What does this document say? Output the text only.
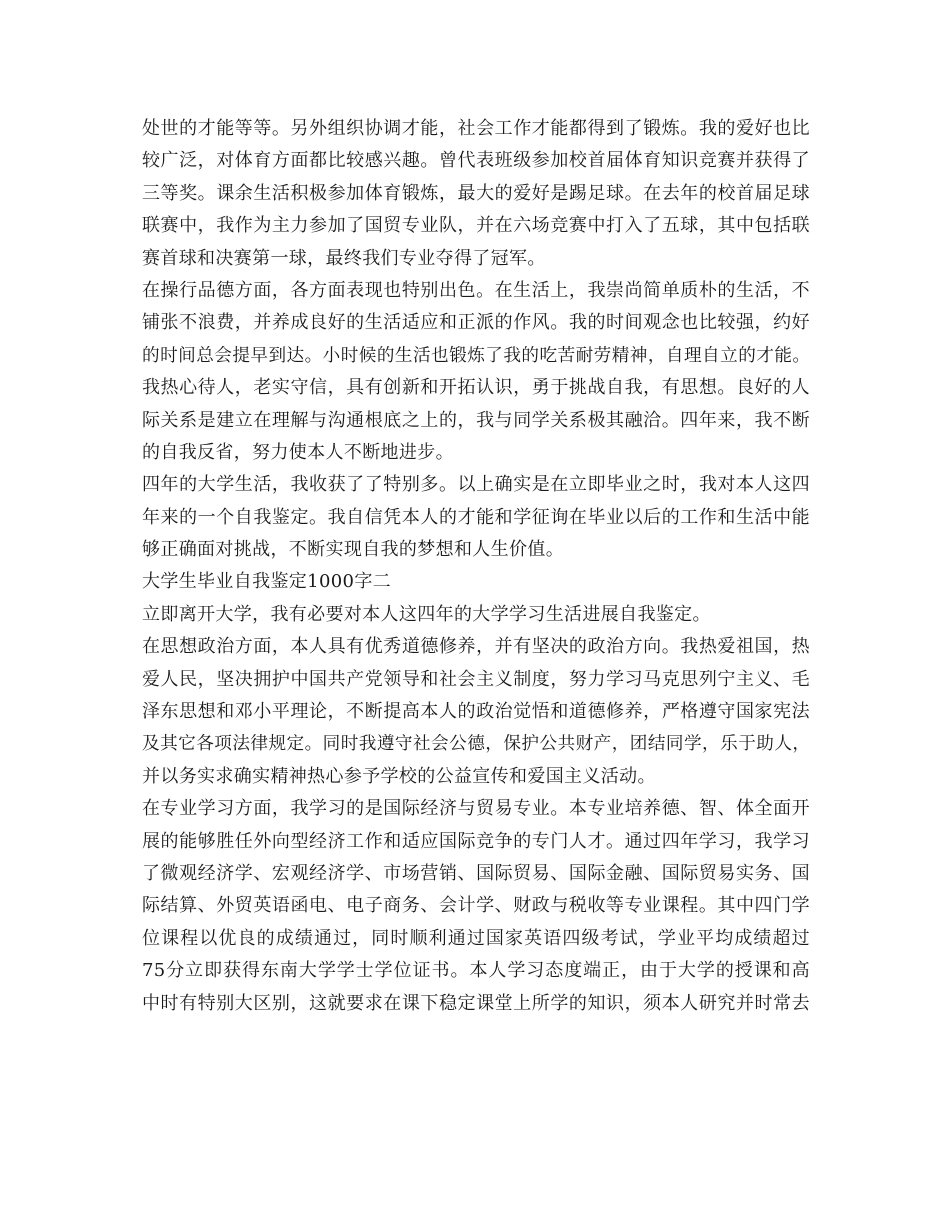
处世的才能等等。另外组织协调才能，社会工作才能都得到了锻炼。我的爱好也比
较广泛，对体育方面都比较感兴趣。曾代表班级参加校首届体育知识竞赛并获得了
三等奖。课余生活积极参加体育锻炼，最大的爱好是踢足球。在去年的校首届足球
联赛中，我作为主力参加了国贸专业队，并在六场竞赛中打入了五球，其中包括联
赛首球和决赛第一球，最终我们专业夺得了冠军。
在操行品德方面，各方面表现也特别出色。在生活上，我崇尚简单质朴的生活，不
铺张不浪费，并养成良好的生活适应和正派的作风。我的时间观念也比较强，约好
的时间总会提早到达。小时候的生活也锻炼了我的吃苦耐劳精神，自理自立的才能。
我热心待人，老实守信，具有创新和开拓认识，勇于挑战自我，有思想。良好的人
际关系是建立在理解与沟通根底之上的，我与同学关系极其融洽。四年来，我不断
的自我反省，努力使本人不断地进步。
四年的大学生活，我收获了了特别多。以上确实是在立即毕业之时，我对本人这四
年来的一个自我鉴定。我自信凭本人的才能和学征询在毕业以后的工作和生活中能
够正确面对挑战，不断实现自我的梦想和人生价值。
大学生毕业自我鉴定1000字二
立即离开大学，我有必要对本人这四年的大学学习生活进展自我鉴定。
在思想政治方面，本人具有优秀道德修养，并有坚决的政治方向。我热爱祖国，热
爱人民，坚决拥护中国共产党领导和社会主义制度，努力学习马克思列宁主义、毛
泽东思想和邓小平理论，不断提高本人的政治觉悟和道德修养，严格遵守国家宪法
及其它各项法律规定。同时我遵守社会公德，保护公共财产，团结同学，乐于助人，
并以务实求确实精神热心参予学校的公益宣传和爱国主义活动。
在专业学习方面，我学习的是国际经济与贸易专业。本专业培养德、智、体全面开
展的能够胜任外向型经济工作和适应国际竞争的专门人才。通过四年学习，我学习
了微观经济学、宏观经济学、市场营销、国际贸易、国际金融、国际贸易实务、国
际结算、外贸英语函电、电子商务、会计学、财政与税收等专业课程。其中四门学
位课程以优良的成绩通过，同时顺利通过国家英语四级考试，学业平均成绩超过
75分立即获得东南大学学士学位证书。本人学习态度端正，由于大学的授课和高
中时有特别大区别，这就要求在课下稳定课堂上所学的知识，须本人研究并时常去
